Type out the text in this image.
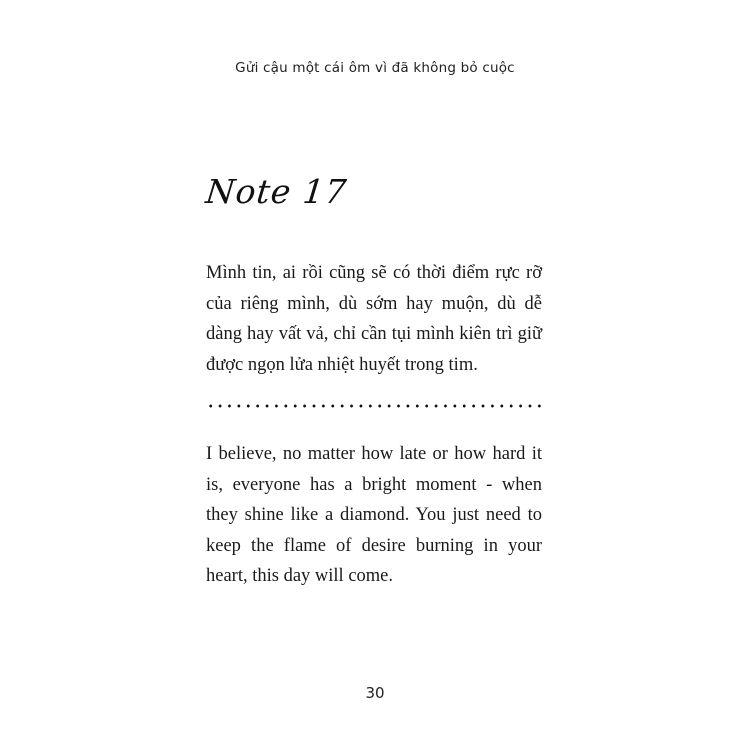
Gửi cậu một cái ôm vì đã không bỏ cuộc
Note 17
Mình tin, ai rồi cũng sẽ có thời điểm rực rỡ của riêng mình, dù sớm hay muộn, dù dễ dàng hay vất vả, chỉ cần tụi mình kiên trì giữ được ngọn lửa nhiệt huyết trong tim.
I believe, no matter how late or how hard it is, everyone has a bright moment - when they shine like a diamond. You just need to keep the flame of desire burning in your heart, this day will come.
30
